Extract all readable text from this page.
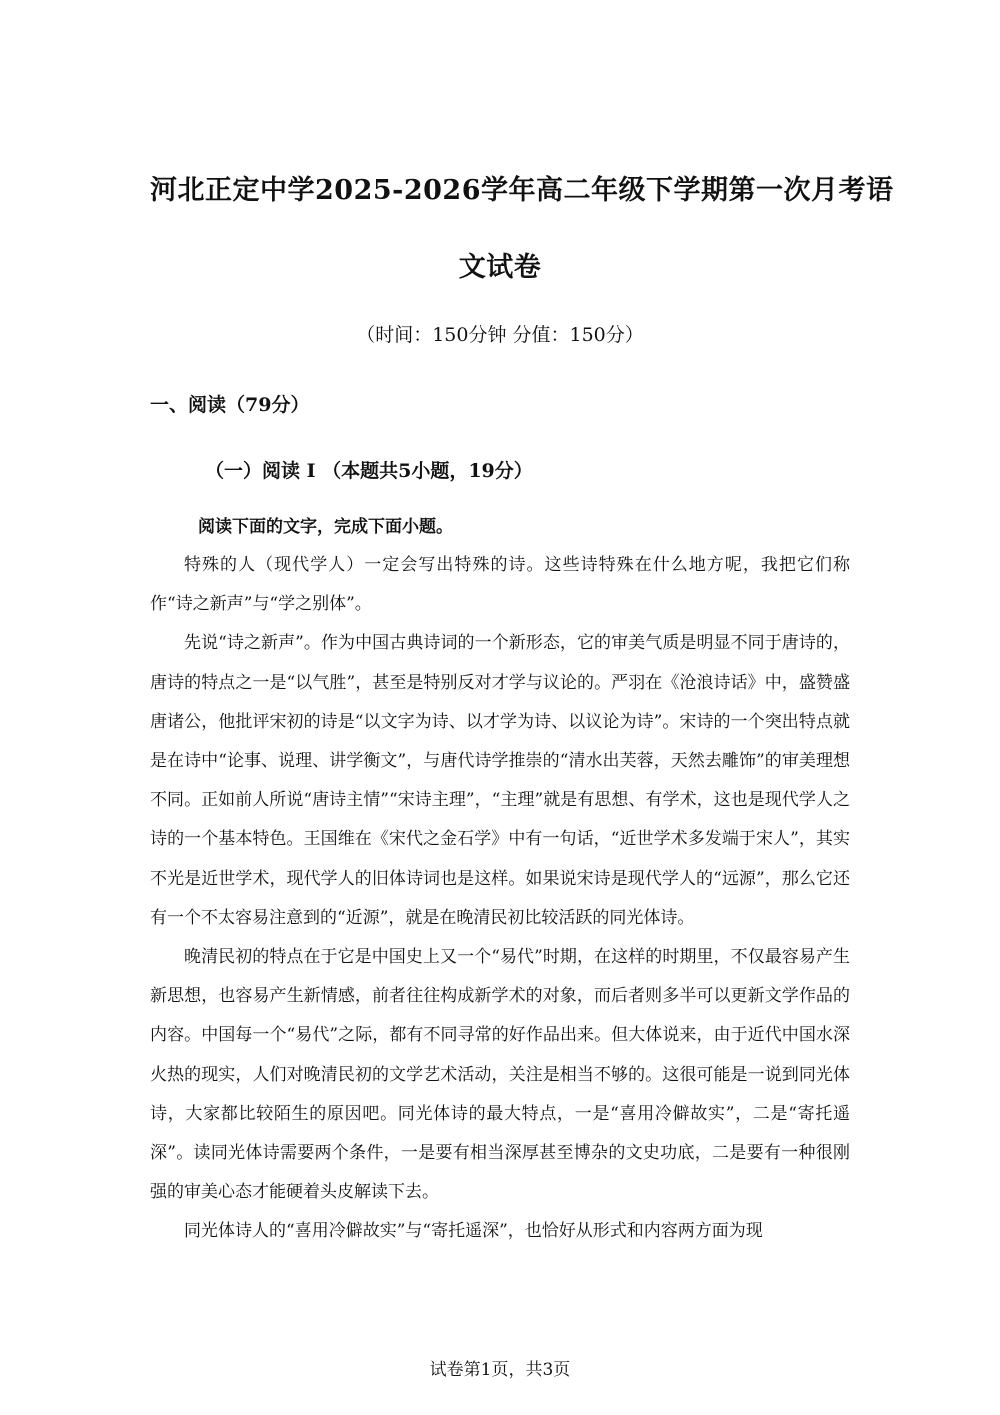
河北正定中学2025-2026学年高二年级下学期第一次月考语
文试卷
（时间：150分钟 分值：150分）
一、阅读（79分）
（一）阅读 I （本题共5小题，19分）
阅读下面的文字，完成下面小题。

特殊的人（现代学人）一定会写出特殊的诗。这些诗特殊在什么地方呢，我把它们称作“诗之新声”与“学之别体”。

先说“诗之新声”。作为中国古典诗词的一个新形态，它的审美气质是明显不同于唐诗的，唐诗的特点之一是“以气胜”，甚至是特别反对才学与议论的。严羽在《沧浪诗话》中，盛赞盛唐诸公，他批评宋初的诗是“以文字为诗、以才学为诗、以议论为诗”。宋诗的一个突出特点就是在诗中“论事、说理、讲学衡文”，与唐代诗学推崇的“清水出芙蓉，天然去雕饰”的审美理想不同。正如前人所说“唐诗主情”“宋诗主理”，“主理”就是有思想、有学术，这也是现代学人之诗的一个基本特色。王国维在《宋代之金石学》中有一句话，“近世学术多发端于宋人”，其实不光是近世学术，现代学人的旧体诗词也是这样。如果说宋诗是现代学人的“远源”，那么它还有一个不太容易注意到的“近源”，就是在晚清民初比较活跃的同光体诗。

晚清民初的特点在于它是中国史上又一个“易代”时期，在这样的时期里，不仅最容易产生新思想，也容易产生新情感，前者往往构成新学术的对象，而后者则多半可以更新文学作品的内容。中国每一个“易代”之际，都有不同寻常的好作品出来。但大体说来，由于近代中国水深火热的现实，人们对晚清民初的文学艺术活动，关注是相当不够的。这很可能是一说到同光体诗，大家都比较陌生的原因吧。同光体诗的最大特点，一是“喜用冷僻故实”，二是“寄托遥深”。读同光体诗需要两个条件，一是要有相当深厚甚至博杂的文史功底，二是要有一种很刚强的审美心态才能硬着头皮解读下去。

同光体诗人的“喜用冷僻故实”与“寄托遥深”，也恰好从形式和内容两方面为现

试卷第1页，共3页
